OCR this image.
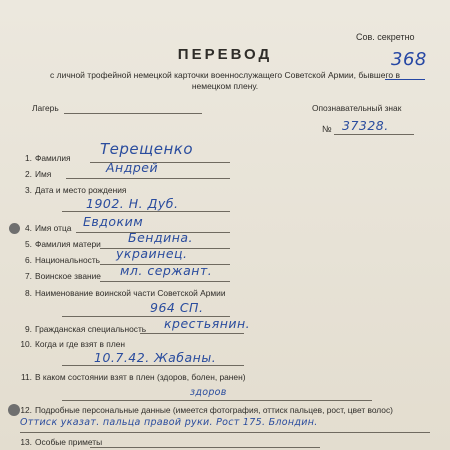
Сов. секретно
368
ПЕРЕВОД
с личной трофейной немецкой карточки военнослужащего Советской Армии, бывшего в немецком плену.
Лагерь	Опознавательный знак
№ 37328.
1. Фамилия Терещенко
2. Имя	Андрей
3. Дата и место рождения
1902. Н. Дуб.
4. Имя отца Евдоким
5. Фамилия матери Бендина.
6. Национальность украинец.
7. Воинское звание мл. сержант.
8. Наименование воинской части Советской Армии
964 СП.
9. Гражданская специальность крестьянин.
10. Когда и где взят в плен
10.7.42. Жабаны.
11. В каком состоянии взят в плен (здоров, болен, ранен)
здоров
12. Подробные персональные данные (имеется фотография, оттиск пальцев, рост, цвет волос)
Оттиск указат. пальца правой руки. Рост 175. Блондин.
13. Особые приметы
